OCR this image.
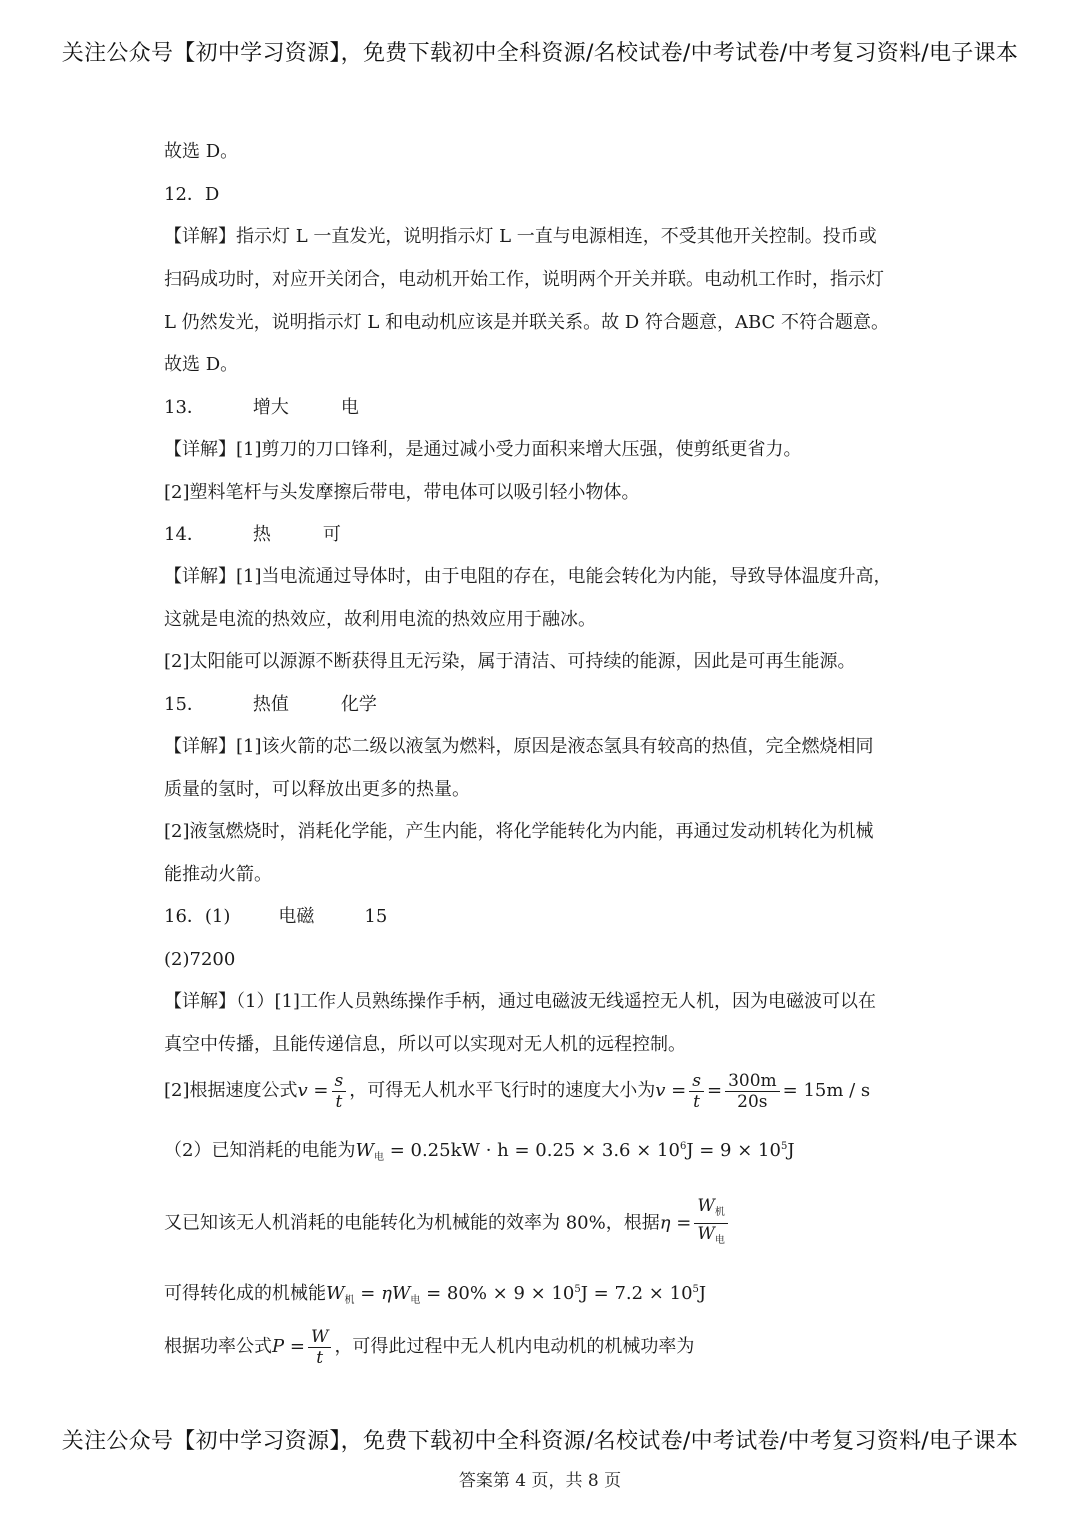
关注公众号【初中学习资源】，免费下载初中全科资源/名校试卷/中考试卷/中考复习资料/电子课本
故选 D。
12．D
【详解】指示灯 L 一直发光，说明指示灯 L 一直与电源相连，不受其他开关控制。投币或
扫码成功时，对应开关闭合，电动机开始工作，说明两个开关并联。电动机工作时，指示灯
L 仍然发光，说明指示灯 L 和电动机应该是并联关系。故 D 符合题意，ABC 不符合题意。
故选 D。
13．	增大	电
【详解】[1]剪刀的刀口锋利，是通过减小受力面积来增大压强，使剪纸更省力。
[2]塑料笔杆与头发摩擦后带电，带电体可以吸引轻小物体。
14．	热	可
【详解】[1]当电流通过导体时，由于电阻的存在，电能会转化为内能，导致导体温度升高，
这就是电流的热效应，故利用电流的热效应用于融冰。
[2]太阳能可以源源不断获得且无污染，属于清洁、可持续的能源，因此是可再生能源。
15．	热值	化学
【详解】[1]该火箭的芯二级以液氢为燃料，原因是液态氢具有较高的热值，完全燃烧相同
质量的氢时，可以释放出更多的热量。
[2]液氢燃烧时，消耗化学能，产生内能，将化学能转化为内能，再通过发动机转化为机械
能推动火箭。
16．(1)	电磁	15
(2)7200
【详解】（1）[1]工作人员熟练操作手柄，通过电磁波无线遥控无人机，因为电磁波可以在
真空中传播，且能传递信息，所以可以实现对无人机的远程控制。
[2]根据速度公式$v = \frac{s}{t}$ ，可得无人机水平飞行时的速度大小为$v = \frac{s}{t} = \frac{300m}{20s} = 15m / s$
（2）已知消耗的电能为$W_电 = 0.25kW \cdot h = 0.25 \times 3.6 \times 10^6J = 9 \times 10^5J$
又已知该无人机消耗的电能转化为机械能的效率为 80%，根据$\eta = \frac{W_机}{W_电}$
可得转化成的机械能$W_机 = \eta W_电 = 80\% \times 9 \times 10^5J = 7.2 \times 10^5J$
根据功率公式$P = \frac{W}{t}$ ，可得此过程中无人机内电动机的机械功率为
关注公众号【初中学习资源】，免费下载初中全科资源/名校试卷/中考试卷/中考复习资料/电子课本
答案第 4 页，共 8 页
